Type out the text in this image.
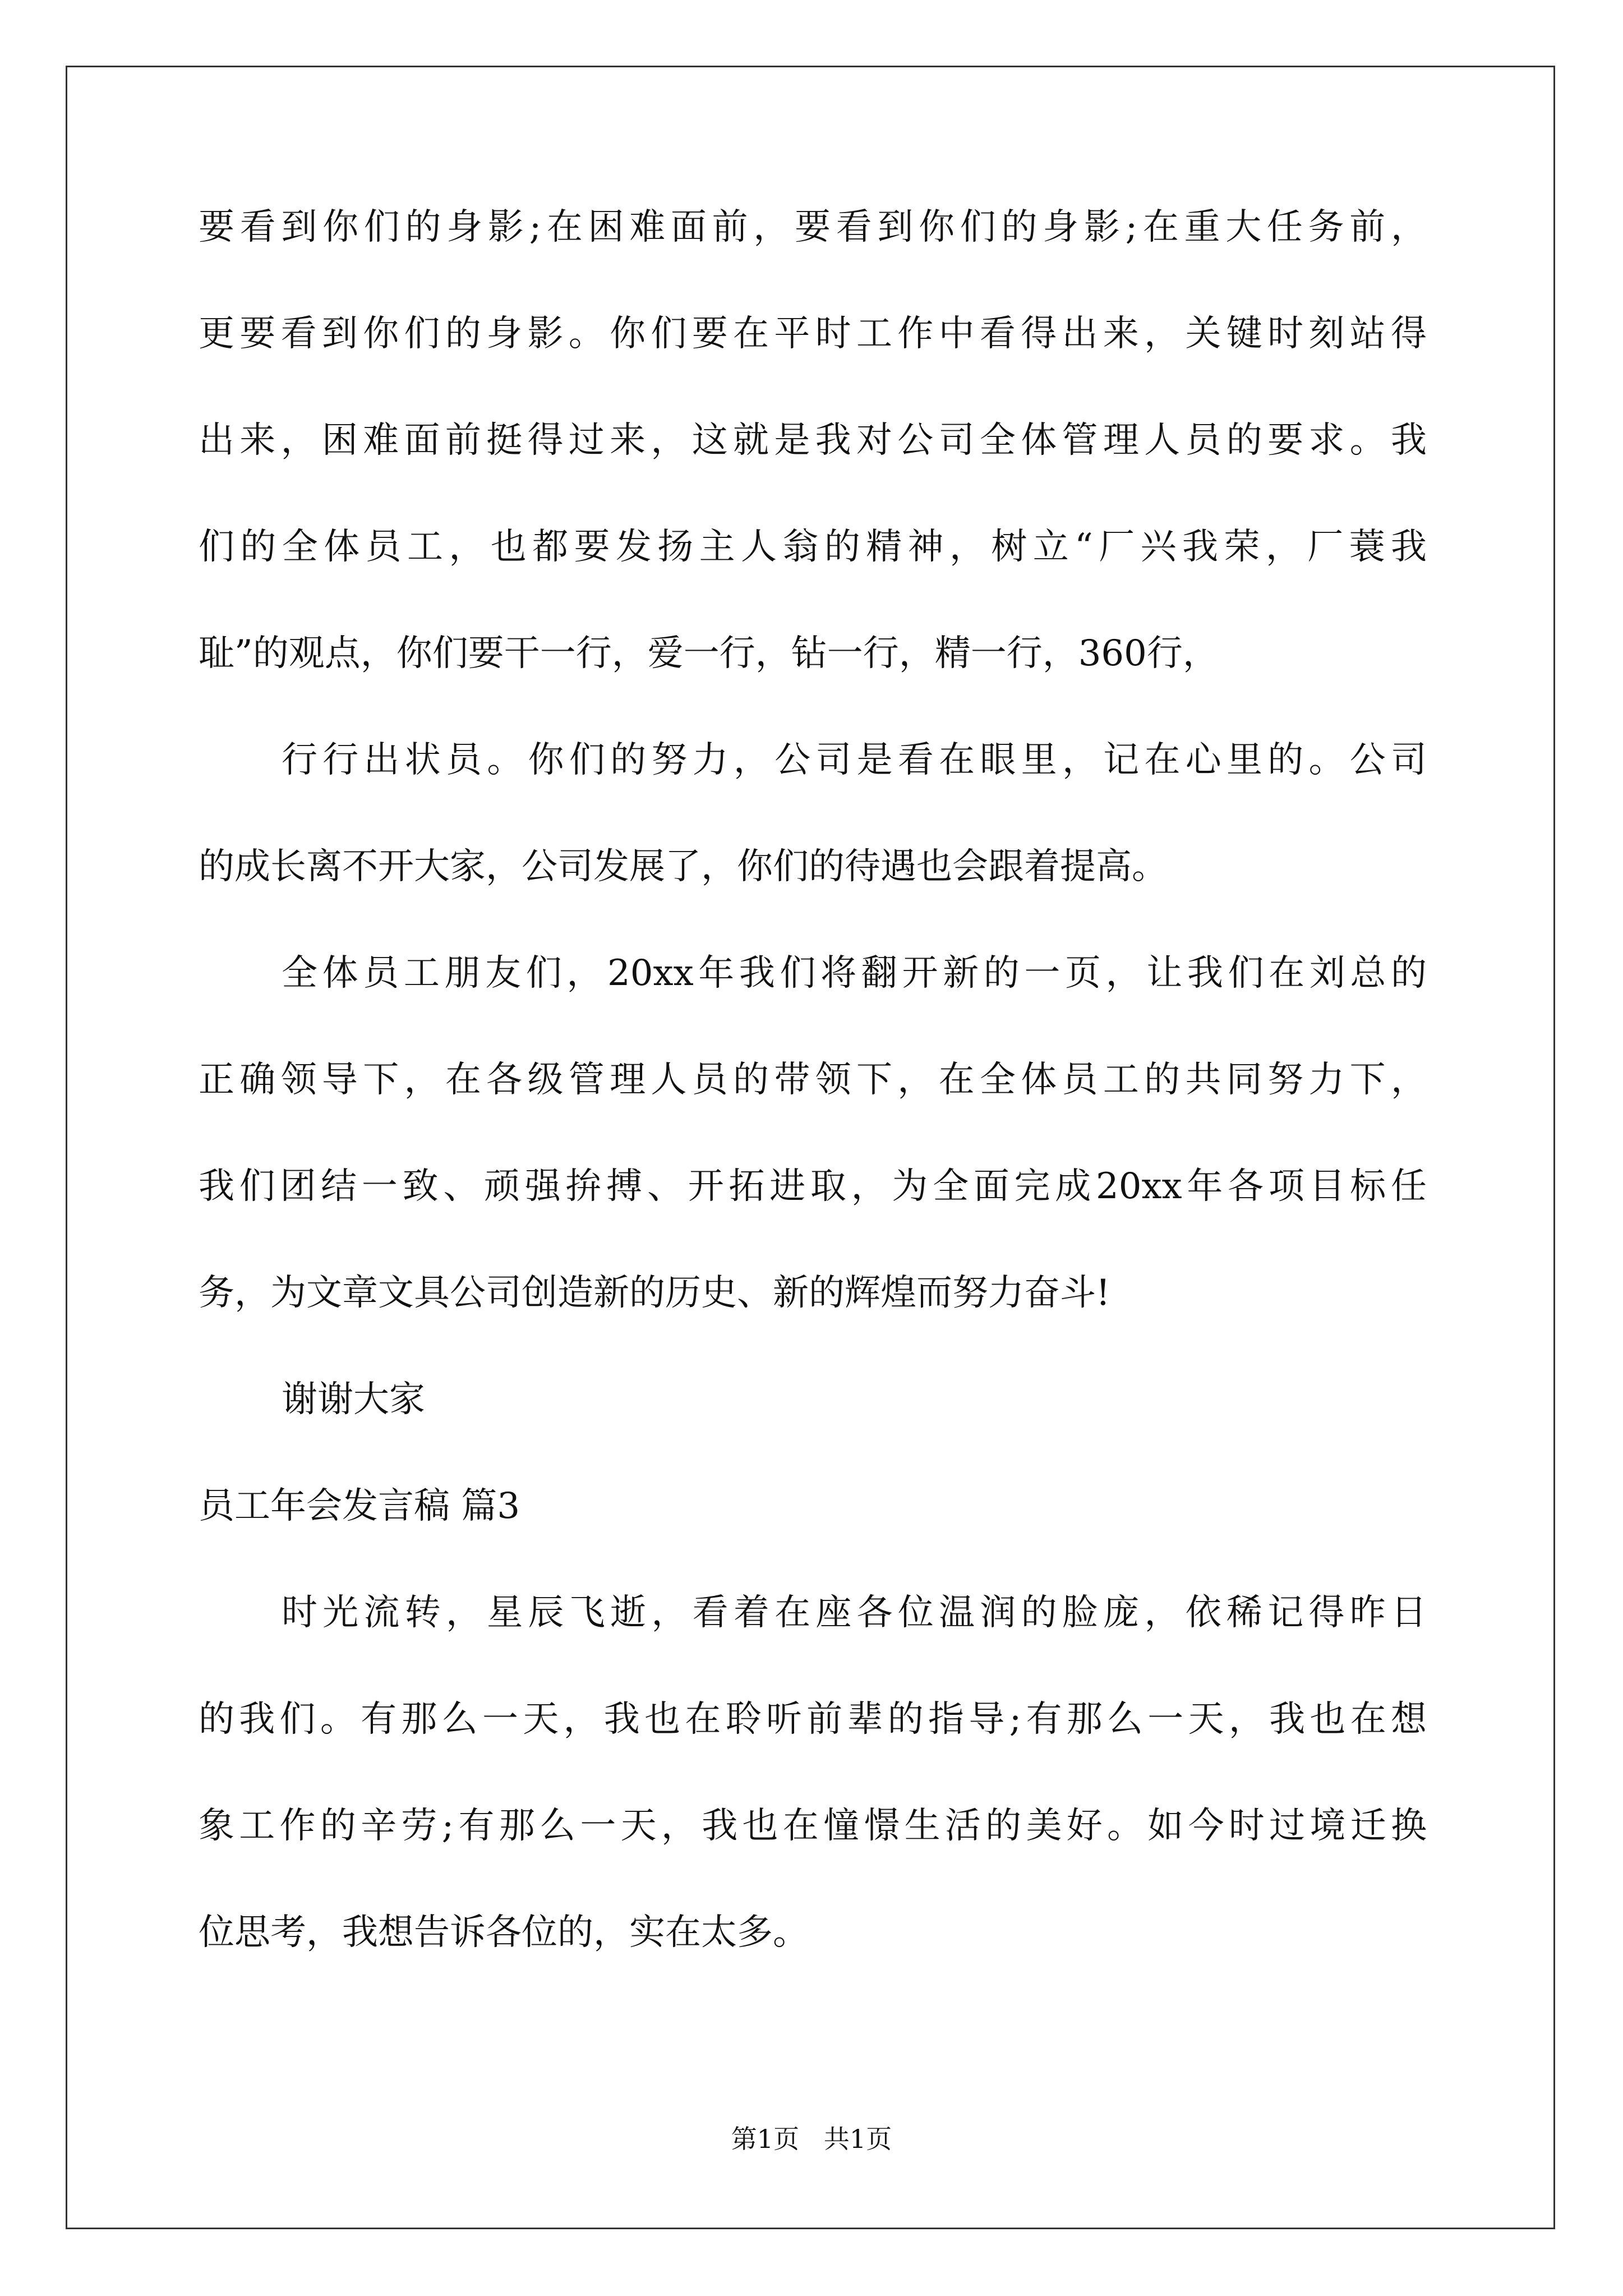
要看到你们的身影;在困难面前，要看到你们的身影;在重大任务前，
更要看到你们的身影。你们要在平时工作中看得出来，关键时刻站得
出来，困难面前挺得过来，这就是我对公司全体管理人员的要求。我
们的全体员工，也都要发扬主人翁的精神，树立“厂兴我荣，厂蓑我
耻”的观点，你们要干一行，爱一行，钻一行，精一行，360行，
行行出状员。你们的努力，公司是看在眼里，记在心里的。公司
的成长离不开大家，公司发展了，你们的待遇也会跟着提高。
全体员工朋友们，20xx年我们将翻开新的一页，让我们在刘总的
正确领导下，在各级管理人员的带领下，在全体员工的共同努力下，
我们团结一致、顽强拚搏、开拓进取，为全面完成20xx年各项目标任
务，为文章文具公司创造新的历史、新的辉煌而努力奋斗!
谢谢大家
员工年会发言稿 篇3
时光流转，星辰飞逝，看着在座各位温润的脸庞，依稀记得昨日
的我们。有那么一天，我也在聆听前辈的指导;有那么一天，我也在想
象工作的辛劳;有那么一天，我也在憧憬生活的美好。如今时过境迁换
位思考，我想告诉各位的，实在太多。
第1页   共1页
